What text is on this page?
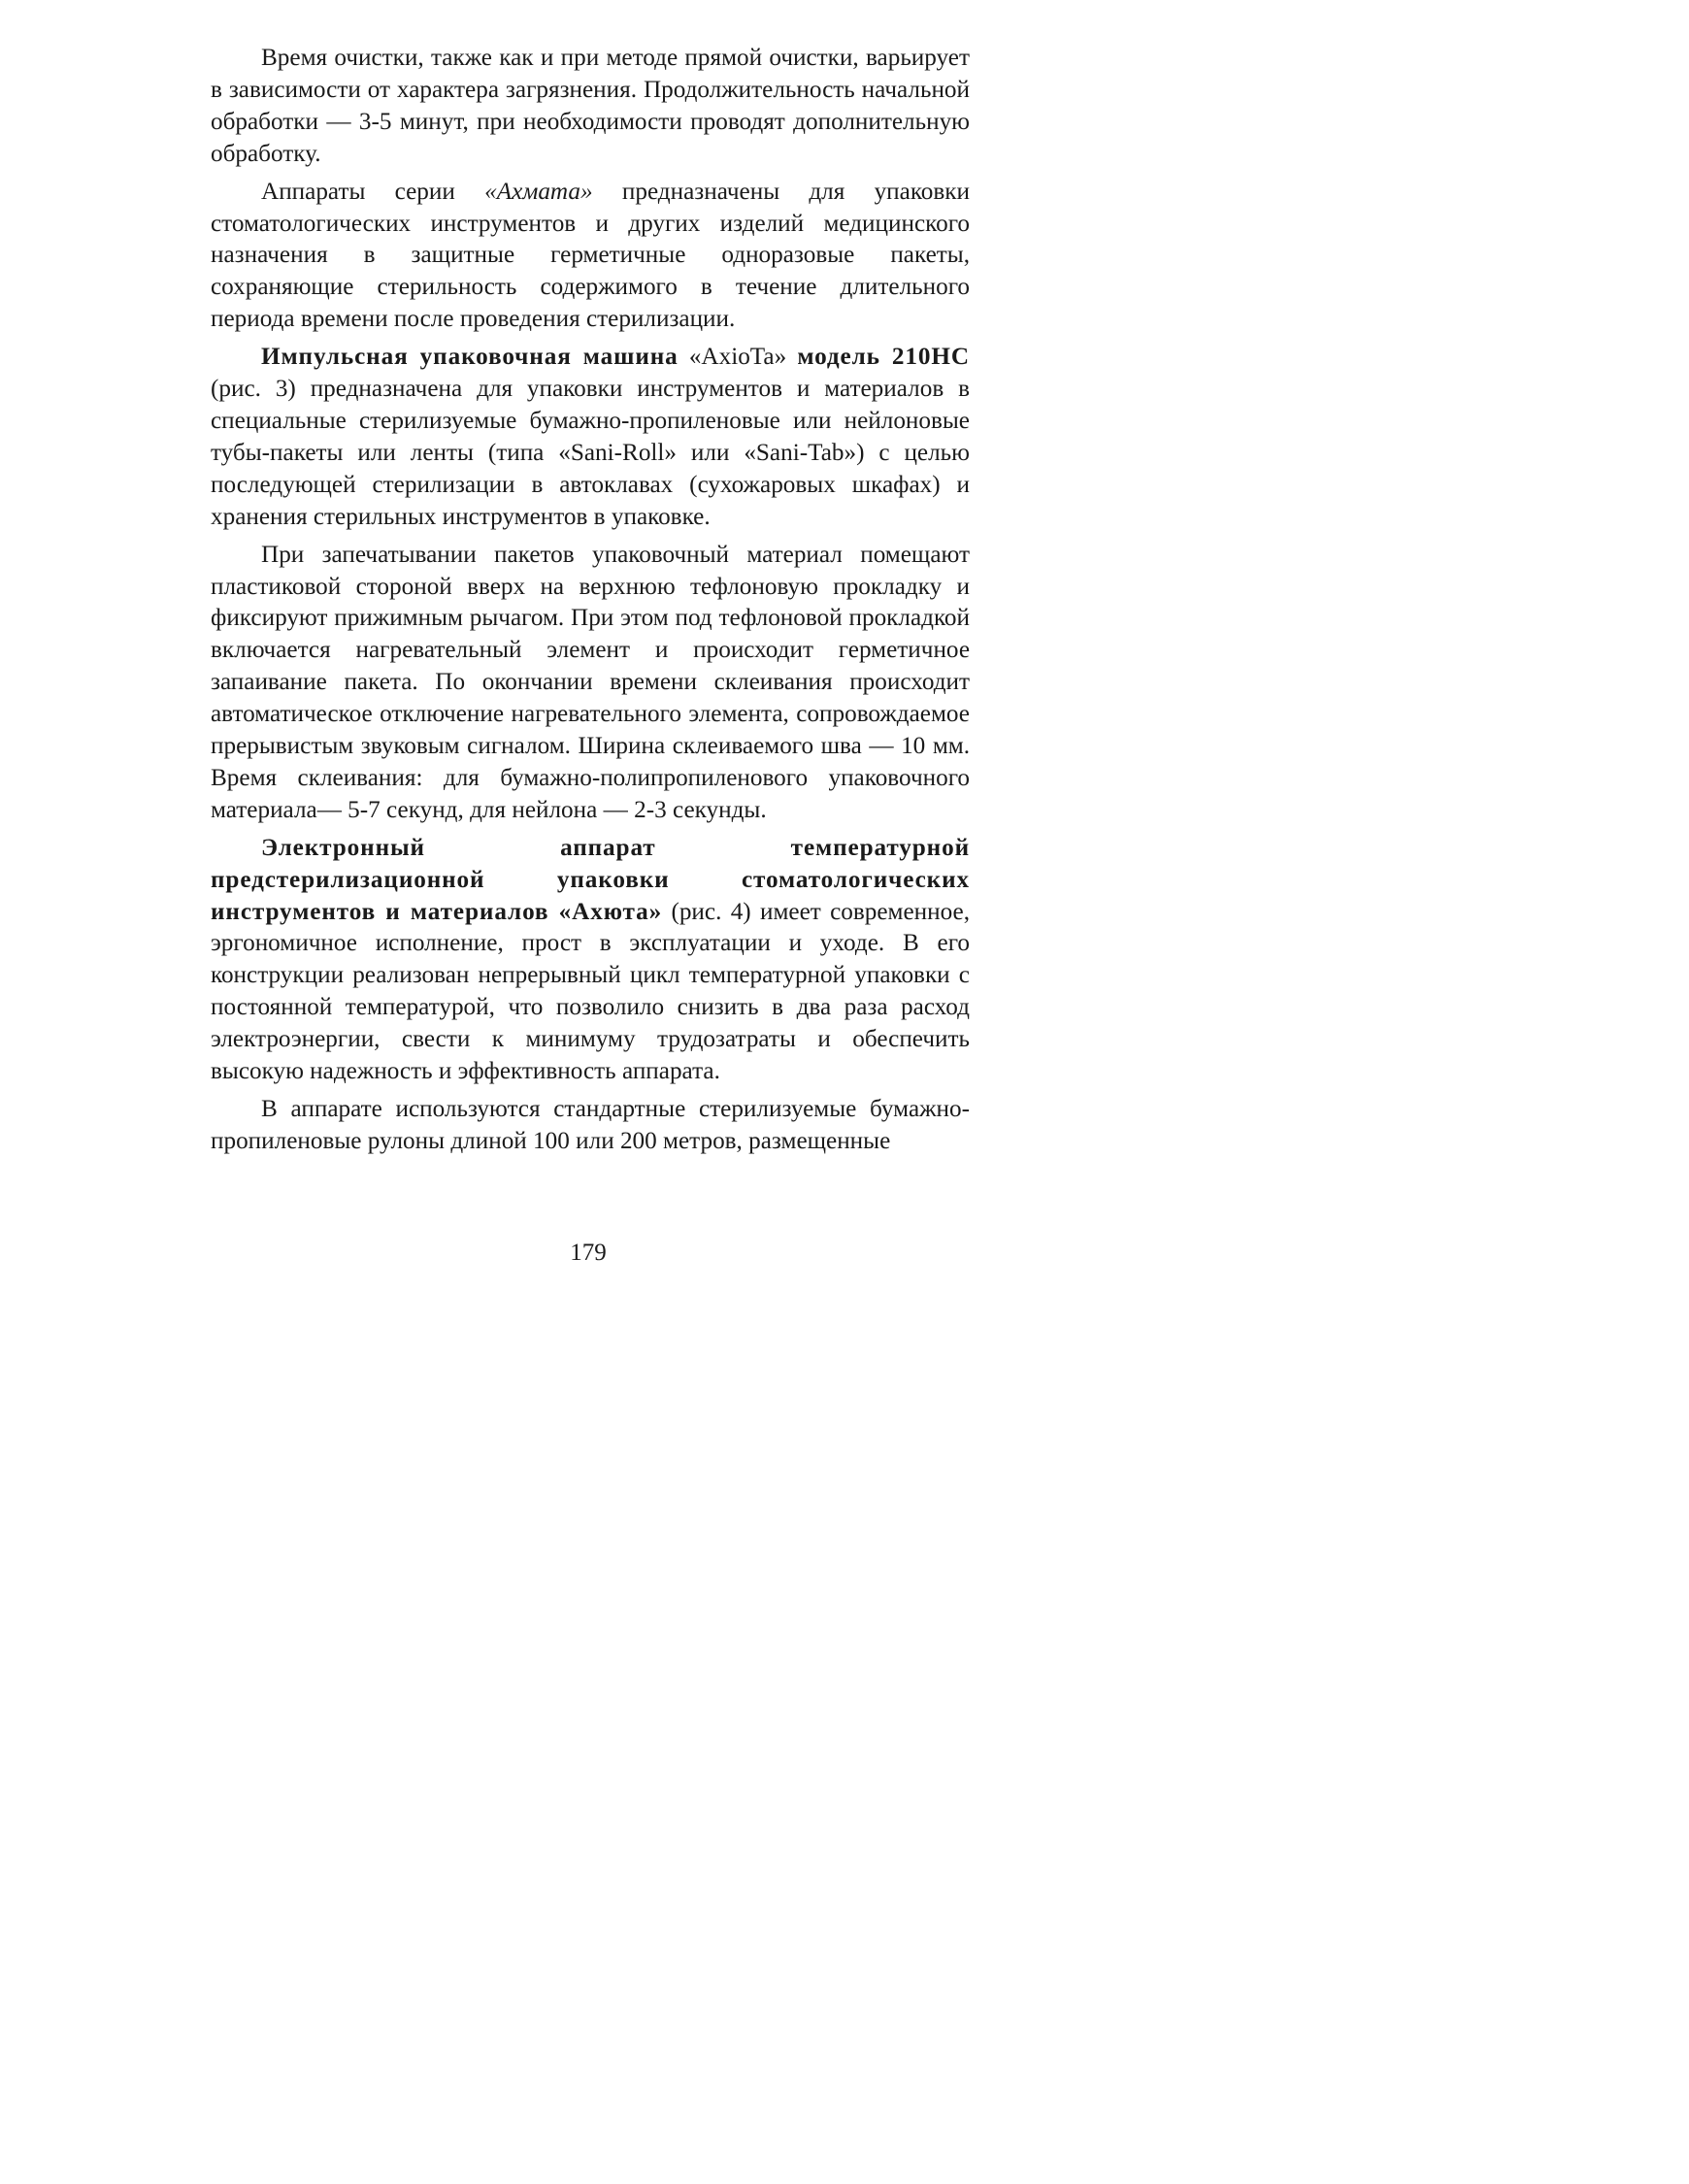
Время очистки, также как и при методе прямой очистки, варьирует в зависимости от характера загрязнения. Продолжительность начальной обработки — 3-5 минут, при необходимости проводят дополнительную обработку.

Аппараты серии «Ахмата» предназначены для упаковки стоматологических инструментов и других изделий медицинского назначения в защитные герметичные одноразовые пакеты, сохраняющие стерильность содержимого в течение длительного периода времени после проведения стерилизации.

Импульсная упаковочная машина «AxioTa» модель 210НС (рис. 3) предназначена для упаковки инструментов и материалов в специальные стерилизуемые бумажно-пропиленовые или нейлоновые тубы-пакеты или ленты (типа «Sani-Roll» или «Sani-Tab») с целью последующей стерилизации в автоклавах (сухожаровых шкафах) и хранения стерильных инструментов в упаковке.

При запечатывании пакетов упаковочный материал помещают пластиковой стороной вверх на верхнюю тефлоновую прокладку и фиксируют прижимным рычагом. При этом под тефлоновой прокладкой включается нагревательный элемент и происходит герметичное запаивание пакета. По окончании времени склеивания происходит автоматическое отключение нагревательного элемента, сопровождаемое прерывистым звуковым сигналом. Ширина склеиваемого шва — 10 мм. Время склеивания: для бумажно-полипропиленового упаковочного материала— 5-7 секунд, для нейлона — 2-3 секунды.

Электронный аппарат температурной предстерилизационной упаковки стоматологических инструментов и материалов «Ахюта» (рис. 4) имеет современное, эргономичное исполнение, прост в эксплуатации и уходе. В его конструкции реализован непрерывный цикл температурной упаковки с постоянной температурой, что позволило снизить в два раза расход электроэнергии, свести к минимуму трудозатраты и обеспечить высокую надежность и эффективность аппарата.

В аппарате используются стандартные стерилизуемые бумажно-пропиленовые рулоны длиной 100 или 200 метров, размещенные

179
